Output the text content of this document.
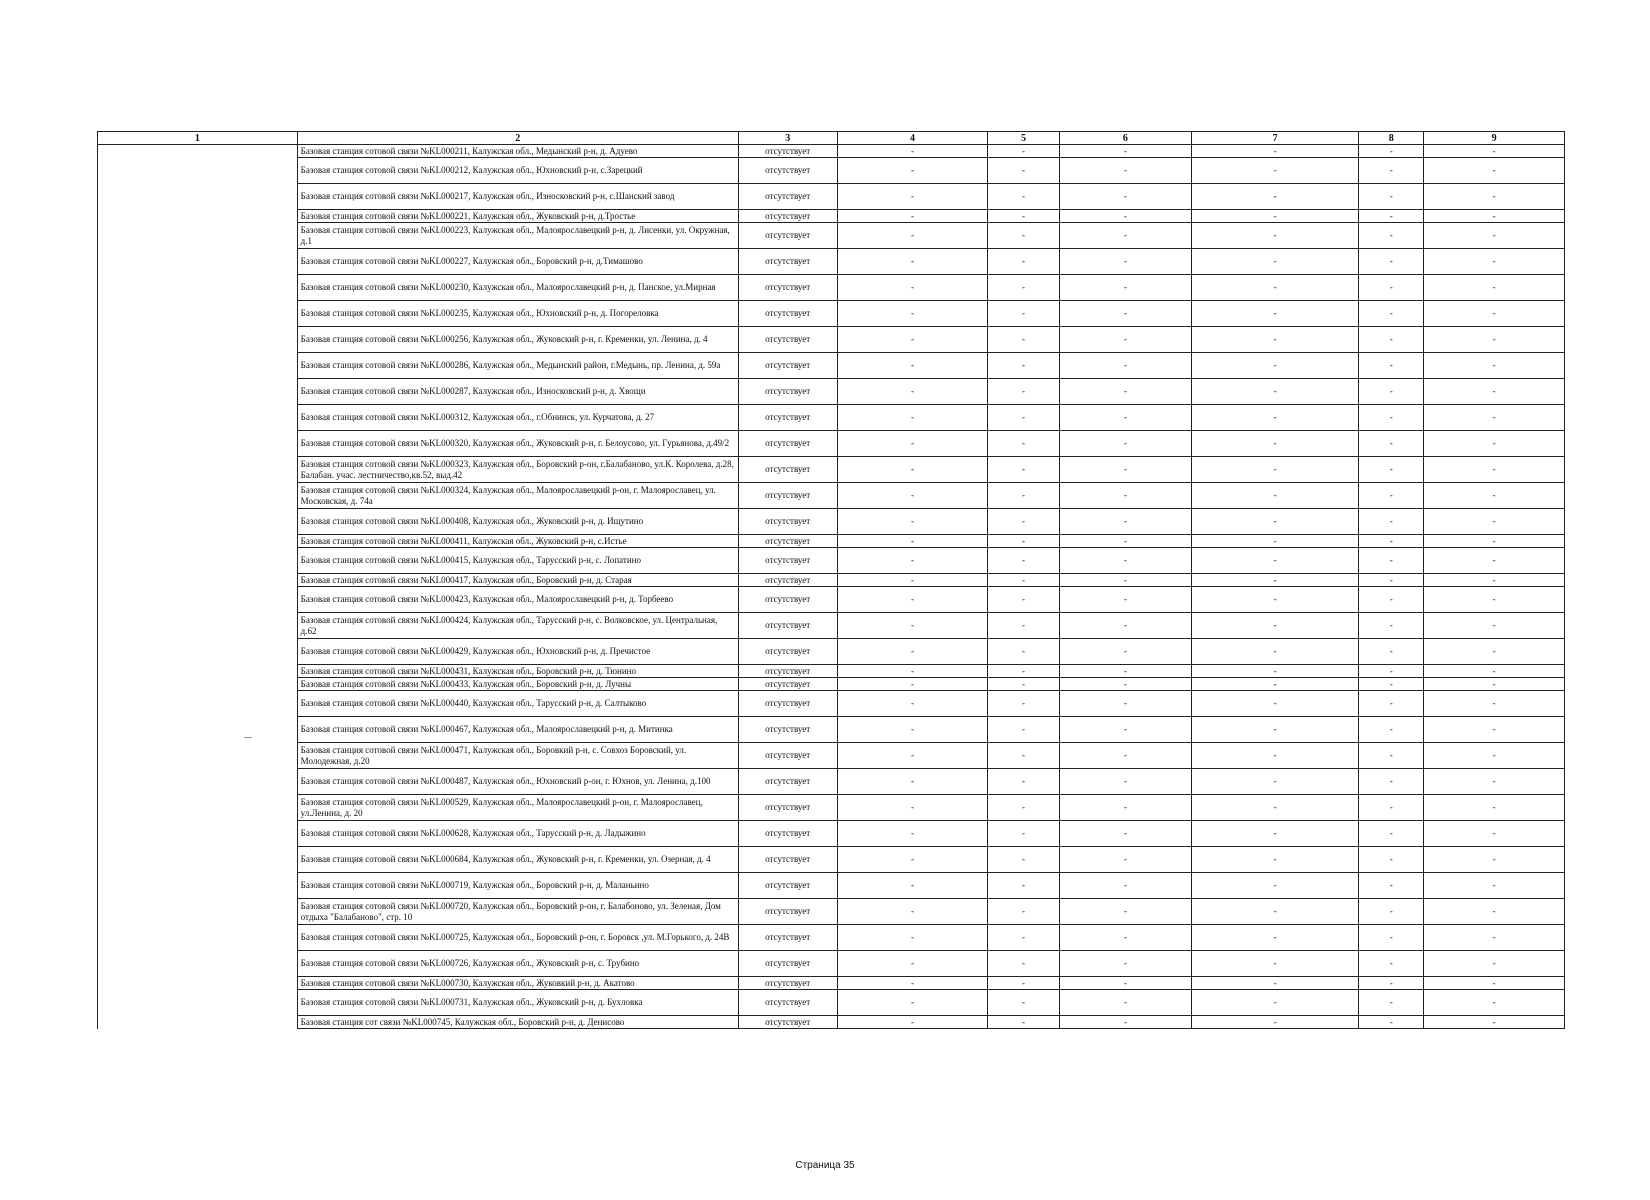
1	2	3	4	5	6	7	8	9
	Базовая станция сотовой связи №KL000211, Калужская обл., Медынский р-н, д. Адуево	отсутствует	-	-	-	-	-	-
	Базовая станция сотовой связи №KL000212, Калужская обл., Юхновский р-н, с.Зарецкий	отсутствует	-	-	-	-	-	-
	Базовая станция сотовой связи №KL000217, Калужская обл., Износковский р-н, с.Шанский завод	отсутствует	-	-	-	-	-	-
	Базовая станция сотовой связи №KL000221, Калужская обл., Жуковский р-н, д.Тростье	отсутствует	-	-	-	-	-	-
	Базовая станция сотовой связи №KL000223, Калужская обл., Малоярославецкий р-н, д. Лисенки, ул. Окружная, д.1	отсутствует	-	-	-	-	-	-
	Базовая станция сотовой связи №KL000227, Калужская обл., Боровский р-н, д.Тимашово	отсутствует	-	-	-	-	-	-
	Базовая станция сотовой связи №KL000230, Калужская обл., Малоярославецкий р-н, д. Панское, ул.Мирная	отсутствует	-	-	-	-	-	-
	Базовая станция сотовой связи №KL000235, Калужская обл., Юхновский р-н, д. Погореловка	отсутствует	-	-	-	-	-	-
	Базовая станция сотовой связи №KL000256, Калужская обл., Жуковский р-н, г. Кременки, ул. Ленина, д. 4	отсутствует	-	-	-	-	-	-
	Базовая станция сотовой связи №KL000286, Калужская обл., Медынский район, г.Медынь, пр. Ленина, д. 59а	отсутствует	-	-	-	-	-	-
	Базовая станция сотовой связи №KL000287, Калужская обл., Износковский р-н, д. Хвощи	отсутствует	-	-	-	-	-	-
	Базовая станция сотовой связи №KL000312, Калужская обл., г.Обнинск, ул. Курчатова, д. 27	отсутствует	-	-	-	-	-	-
	Базовая станция сотовой связи №KL000320, Калужская обл., Жуковский р-н, г. Белоусово, ул. Гурьянова, д.49/2	отсутствует	-	-	-	-	-	-
	Базовая станция сотовой связи №KL000323, Калужская обл., Боровский р-он, г.Балабаново, ул.К. Королева, д.28, Балабан. учас. лестничество,кв.52, выд.42	отсутствует	-	-	-	-	-	-
	Базовая станция сотовой связи №KL000324, Калужская обл., Малоярославецкий р-он, г. Малоярославец, ул. Московская, д. 74а	отсутствует	-	-	-	-	-	-
	Базовая станция сотовой связи №KL000408, Калужская обл., Жуковский р-н, д. Ищутино	отсутствует	-	-	-	-	-	-
	Базовая станция сотовой связи №KL000411, Калужская обл., Жуковский р-н, с.Истье	отсутствует	-	-	-	-	-	-
	Базовая станция сотовой связи №KL000415, Калужская обл., Тарусский р-н, с. Лопатино	отсутствует	-	-	-	-	-	-
	Базовая станция сотовой связи №KL000417, Калужская обл., Боровский р-н, д. Старая	отсутствует	-	-	-	-	-	-
	Базовая станция сотовой связи №KL000423, Калужская обл., Малоярославецкий р-н, д. Торбеево	отсутствует	-	-	-	-	-	-
	Базовая станция сотовой связи №KL000424, Калужская обл., Тарусский р-н, с. Волковское, ул. Центральная, д.62	отсутствует	-	-	-	-	-	-
	Базовая станция сотовой связи №KL000429, Калужская обл., Юхновский р-н, д. Пречистое	отсутствует	-	-	-	-	-	-
	Базовая станция сотовой связи №KL000431, Калужская обл., Боровский р-н, д. Тюнино	отсутствует	-	-	-	-	-	-
	Базовая станция сотовой связи №KL000433, Калужская обл., Боровский р-н, д. Лучны	отсутствует	-	-	-	-	-	-
	Базовая станция сотовой связи №KL000440, Калужская обл., Тарусский р-н, д. Салтыково	отсутствует	-	-	-	-	-	-
	Базовая станция сотовой связи №KL000467, Калужская обл., Малоярославецкий р-н, д. Митинка	отсутствует	-	-	-	-	-	-
	Базовая станция сотовой связи №KL000471, Калужская обл., Боровкий р-н, с. Совхоз Боровский, ул. Молодежная, д.20	отсутствует	-	-	-	-	-	-
	Базовая станция сотовой связи №KL000487, Калужская обл., Юхновский р-он, г. Юхнов, ул. Ленина, д.100	отсутствует	-	-	-	-	-	-
	Базовая станция сотовой связи №KL000529, Калужская обл., Малоярославецкий р-он, г. Малоярославец, ул.Ленина, д. 20	отсутствует	-	-	-	-	-	-
	Базовая станция сотовой связи №KL000628, Калужская обл., Тарусский р-н, д. Ладыжино	отсутствует	-	-	-	-	-	-
	Базовая станция сотовой связи №KL000684, Калужская обл., Жуковский р-н, г. Кременки, ул. Озерная, д. 4	отсутствует	-	-	-	-	-	-
	Базовая станция сотовой связи №KL000719, Калужская обл., Боровский р-н, д. Маланьино	отсутствует	-	-	-	-	-	-
	Базовая станция сотовой связи №KL000720, Калужская обл., Боровский р-он, г. Балабоново, ул. Зеленая, Дом отдыха "Балабаново", стр. 10	отсутствует	-	-	-	-	-	-
	Базовая станция сотовой связи №KL000725, Калужская обл., Боровский р-он, г. Боровск ,ул. М.Горького, д. 24В	отсутствует	-	-	-	-	-	-
	Базовая станция сотовой связи №KL000726, Калужская обл., Жуковский р-н, с. Трубино	отсутствует	-	-	-	-	-	-
	Базовая станция сотовой связи №KL000730, Калужская обл., Жуковкий р-н, д. Акатово	отсутствует	-	-	-	-	-	-
	Базовая станция сотовой связи №KL000731, Калужская обл., Жуковский р-н, д. Бухловка	отсутствует	-	-	-	-	-	-
	Базовая станция сот связи №KL000745, Калужская обл., Боровский р-н, д. Денисово	отсутствует	-	-	-	-	-	-
Страница 35
